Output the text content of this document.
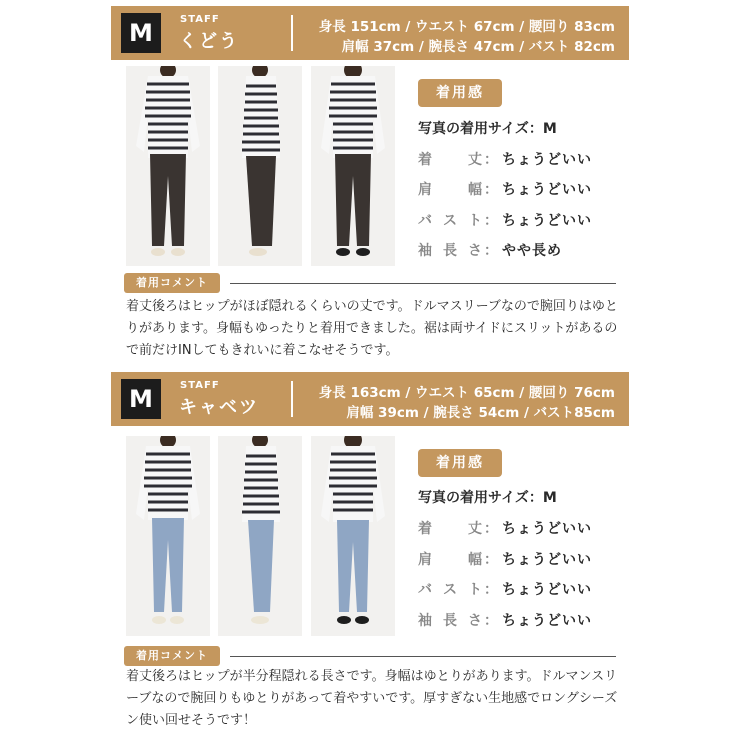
M	STAFF
くどう
身長 151cm / ウエスト 67cm / 腰回り 83cm
肩幅 37cm / 腕長さ 47cm / バスト 82cm
着用感
写真の着用サイズ：M
着	丈 ： ちょうどいい
肩	幅 ： ちょうどいい
バ ス ト ： ちょうどいい
袖 長 さ ： やや長め
着用コメント
着丈後ろはヒップがほぼ隠れるくらいの丈です。ドルマスリーブなので腕回りはゆとりがあります。身幅もゆったりと着用できました。裾は両サイドにスリットがあるので前だけINしてもきれいに着こなせそうです。
M	STAFF
キャベツ
身長 163cm / ウエスト 65cm / 腰回り 76cm
肩幅 39cm / 腕長さ 54cm / バスト85cm
着用感
写真の着用サイズ：M
着	丈 ： ちょうどいい
肩	幅 ： ちょうどいい
バ ス ト ： ちょうどいい
袖 長 さ ： ちょうどいい
着用コメント
着丈後ろはヒップが半分程隠れる長さです。身幅はゆとりがあります。ドルマンスリーブなので腕回りもゆとりがあって着やすいです。厚すぎない生地感でロングシーズン使い回せそうです！
